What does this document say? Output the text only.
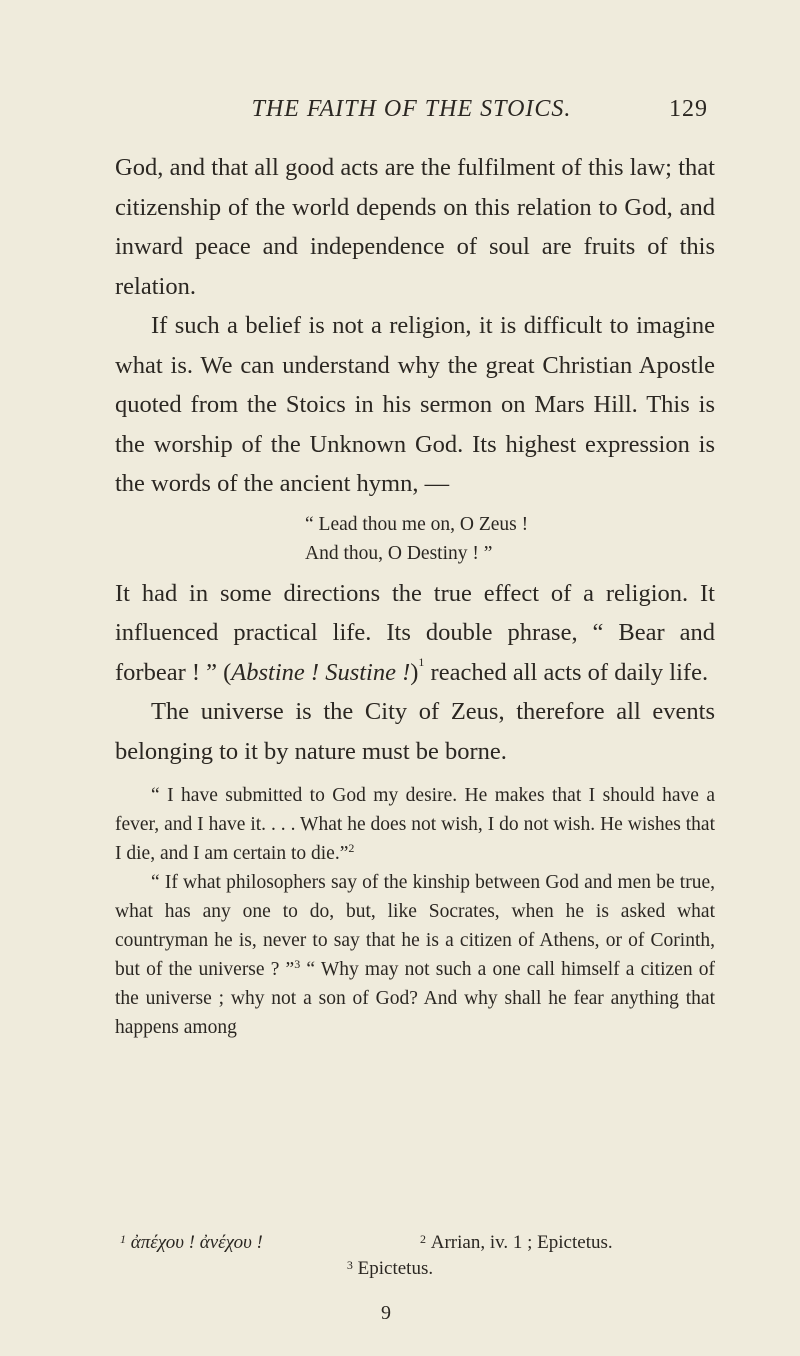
THE FAITH OF THE STOICS.	129

God, and that all good acts are the fulfilment of this law; that citizenship of the world depends on this relation to God, and inward peace and independence of soul are fruits of this relation.

If such a belief is not a religion, it is difficult to imagine what is. We can understand why the great Christian Apostle quoted from the Stoics in his sermon on Mars Hill. This is the worship of the Unknown God. Its highest expression is the words of the ancient hymn, —

“ Lead thou me on, O Zeus !
And thou, O Destiny ! ”

It had in some directions the true effect of a religion. It influenced practical life. Its double phrase, “ Bear and forbear ! ” (Abstine ! Sustine !)$^1$ reached all acts of daily life.

The universe is the City of Zeus, therefore all events belonging to it by nature must be borne.

“ I have submitted to God my desire. He makes that I should have a fever, and I have it. . . . What he does not wish, I do not wish. He wishes that I die, and I am certain to die.”$^2$

“ If what philosophers say of the kinship between God and men be true, what has any one to do, but, like Socrates, when he is asked what countryman he is, never to say that he is a citizen of Athens, or of Corinth, but of the universe ? ”$^3$ “ Why may not such a one call himself a citizen of the universe ; why not a son of God? And why shall he fear anything that happens among

$^1$ ἀπέχου ! ἀνέχου !	$^2$ Arrian, iv. 1 ; Epictetus.
$^3$ Epictetus.
9
